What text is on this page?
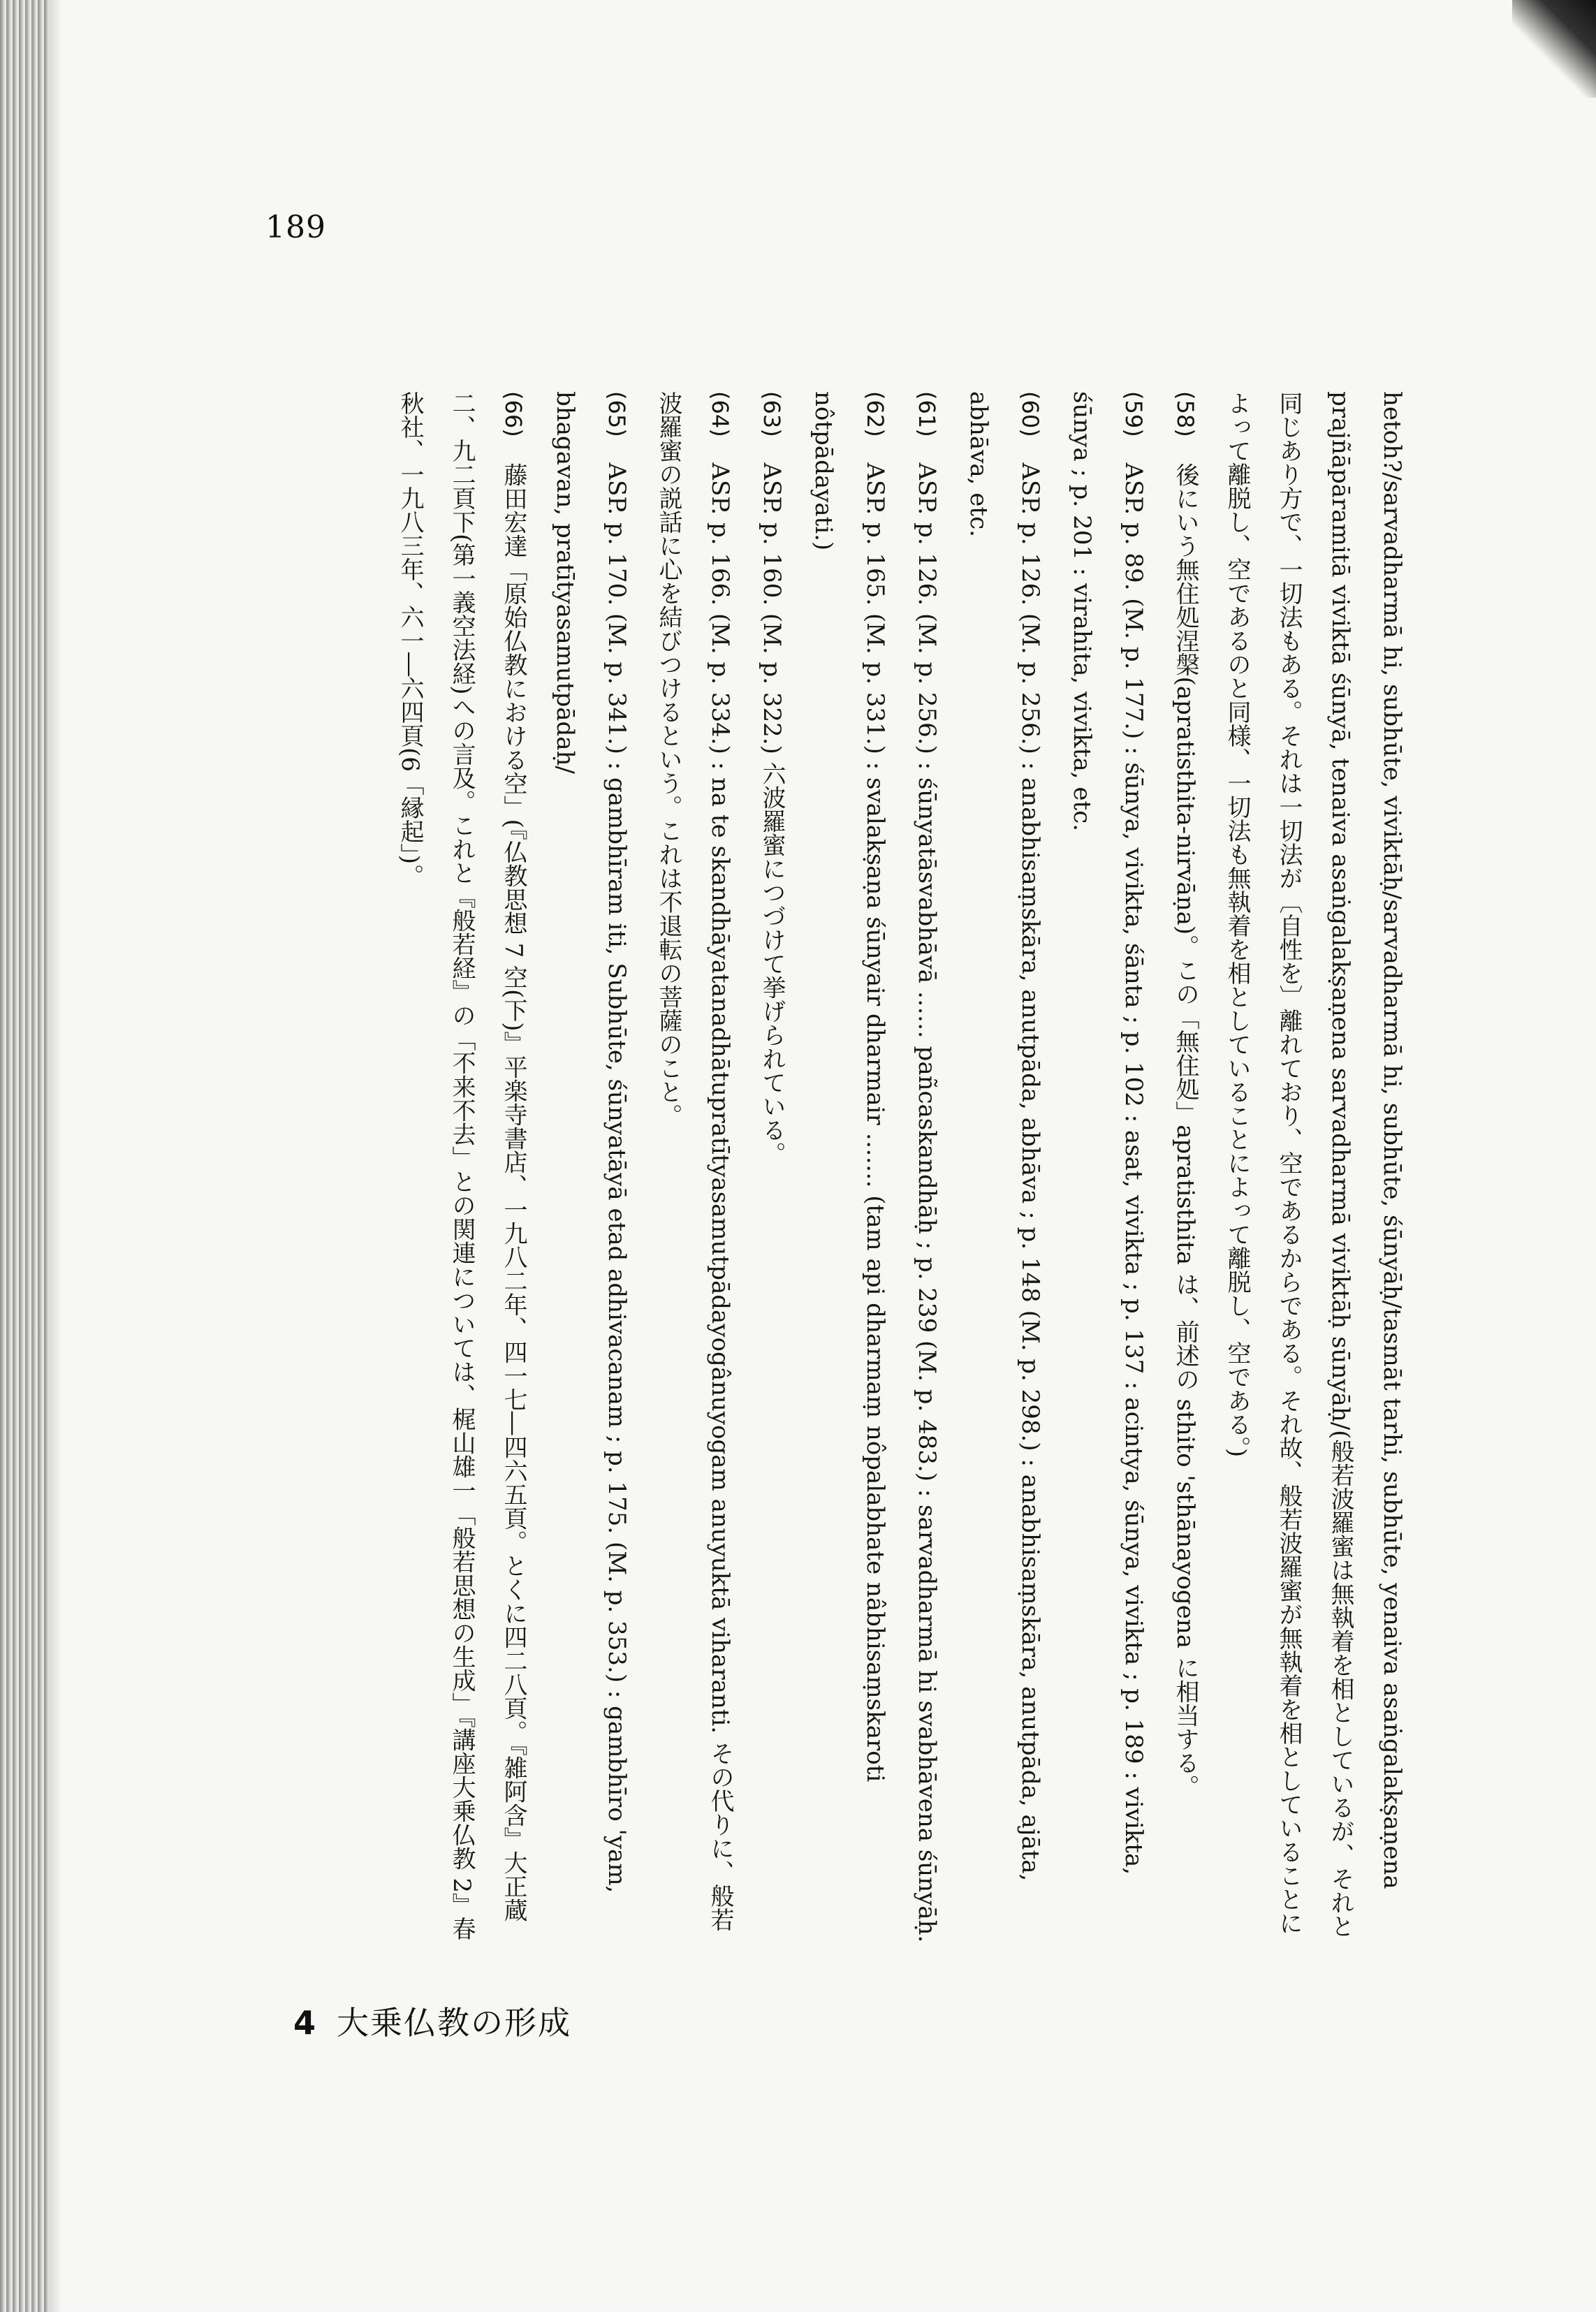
189

hetoh?/sarvadharmā hi, subhūte, viviktāḥ/sarvadharmā hi, subhūte, śūnyāḥ/tasmāt tarhi, subhūte, yenaiva asaṅgalakṣaṇena prajñāpāramitā viviktā śūnyā, tenaiva asaṅgalakṣaṇena sarvadharmā viviktāḥ sūnyāḥ/(般若波羅蜜は無執着を相としているが、それと同じあり方で、一切法もある。それは一切法が〔自性を〕離れており、空であるからである。それ故、般若波羅蜜が無執着を相としていることによって離脱し、空であるのと同様、一切法も無執着を相としていることによって離脱し、空である。)

(58) 後にいう無住処涅槃(apratisthita-nirvāṇa)。この「無住処」apratisthita は、前述の sthito 'sthānayogena に相当する。

(59) ASP. p. 89. (M. p. 177.) : śūnya, vivikta, śānta ; p. 102 : asat, vivikta ; p. 137 : acintya, śūnya, vivikta ; p. 189 : vivikta, śūnya ; p. 201 : virahita, vivikta, etc.

(60) ASP. p. 126. (M. p. 256.) : anabhisaṃskāra, anutpāda, abhāva ; p. 148 (M. p. 298.) : anabhisaṃskāra, anutpāda, ajāta, abhāva, etc.

(61) ASP. p. 126. (M. p. 256.) : śūnyatāsvabhāvā …… pañcaskandhāḥ ; p. 239 (M. p. 483.) : sarvadharmā hi svabhāvena śūnyāḥ.

(62) ASP. p. 165. (M. p. 331.) : svalakṣaṇa śūnyair dharmair ……. (tam api dharmaṃ nôpalabhate nâbhisaṃskaroti nôtpādayati.)

(63) ASP. p. 160. (M. p. 322.) 六波羅蜜につづけて挙げられている。

(64) ASP. p. 166. (M. p. 334.) : na te skandhāyatanadhātupratītyasamutpādayogânuyogam anuyuktā viharanti. その代りに、般若波羅蜜の説話に心を結びつけるという。これは不退転の菩薩のこと。

(65) ASP. p. 170. (M. p. 341.) : gambhīram iti, Subhūte, śūnyatāyā etad adhivacanam ; p. 175. (M. p. 353.) : gambhīro 'yam, bhagavan, pratītyasamutpādaḥ/

(66) 藤田宏達「原始仏教における空」(『仏教思想 7 空(下)』平楽寺書店、一九八二年、四一七―四六五頁。とくに四二八頁。『雑阿含』大正蔵二、九二頁下(第一義空法経)への言及。これと『般若経』の「不来不去」との関連については、梶山雄一「般若思想の生成」『講座大乗仏教 2』春秋社、一九八三年、六一―六四頁(6「縁起」)。

4 大乗仏教の形成
